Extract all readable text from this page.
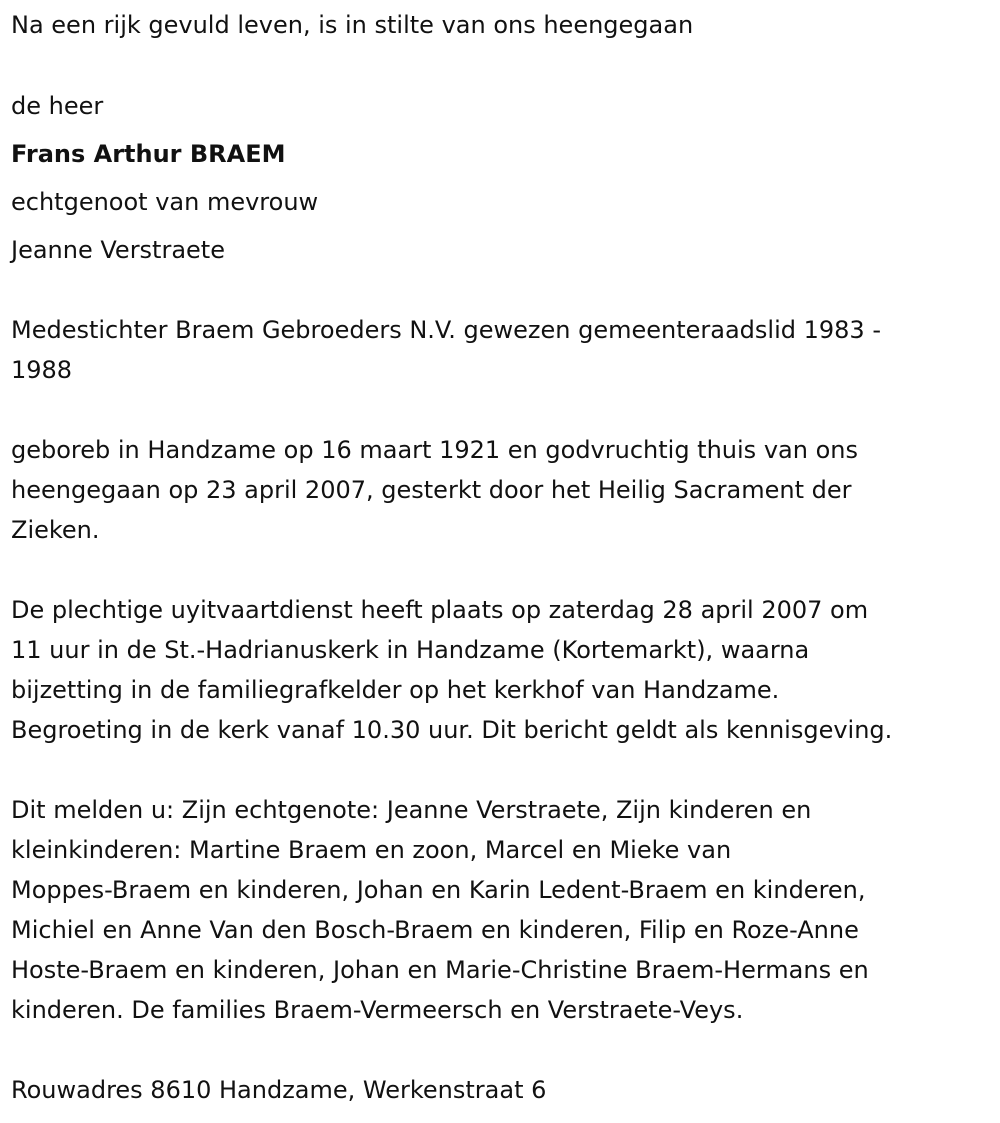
Na een rijk gevuld leven, is in stilte van ons heengegaan
de heer
Frans Arthur BRAEM
echtgenoot van mevrouw
Jeanne Verstraete
Medestichter Braem Gebroeders N.V. gewezen gemeenteraadslid 1983 -
1988
geboreb in Handzame op 16 maart 1921 en godvruchtig thuis van ons
heengegaan op 23 april 2007, gesterkt door het Heilig Sacrament der
Zieken.
De plechtige uyitvaartdienst heeft plaats op zaterdag 28 april 2007 om
11 uur in de St.-Hadrianuskerk in Handzame (Kortemarkt), waarna
bijzetting in de familiegrafkelder op het kerkhof van Handzame.
Begroeting in de kerk vanaf 10.30 uur. Dit bericht geldt als kennisgeving.
Dit melden u: Zijn echtgenote: Jeanne Verstraete, Zijn kinderen en
kleinkinderen: Martine Braem en zoon, Marcel en Mieke van
Moppes-Braem en kinderen, Johan en Karin Ledent-Braem en kinderen,
Michiel en Anne Van den Bosch-Braem en kinderen, Filip en Roze-Anne
Hoste-Braem en kinderen, Johan en Marie-Christine Braem-Hermans en
kinderen. De families Braem-Vermeersch en Verstraete-Veys.
Rouwadres 8610 Handzame, Werkenstraat 6
